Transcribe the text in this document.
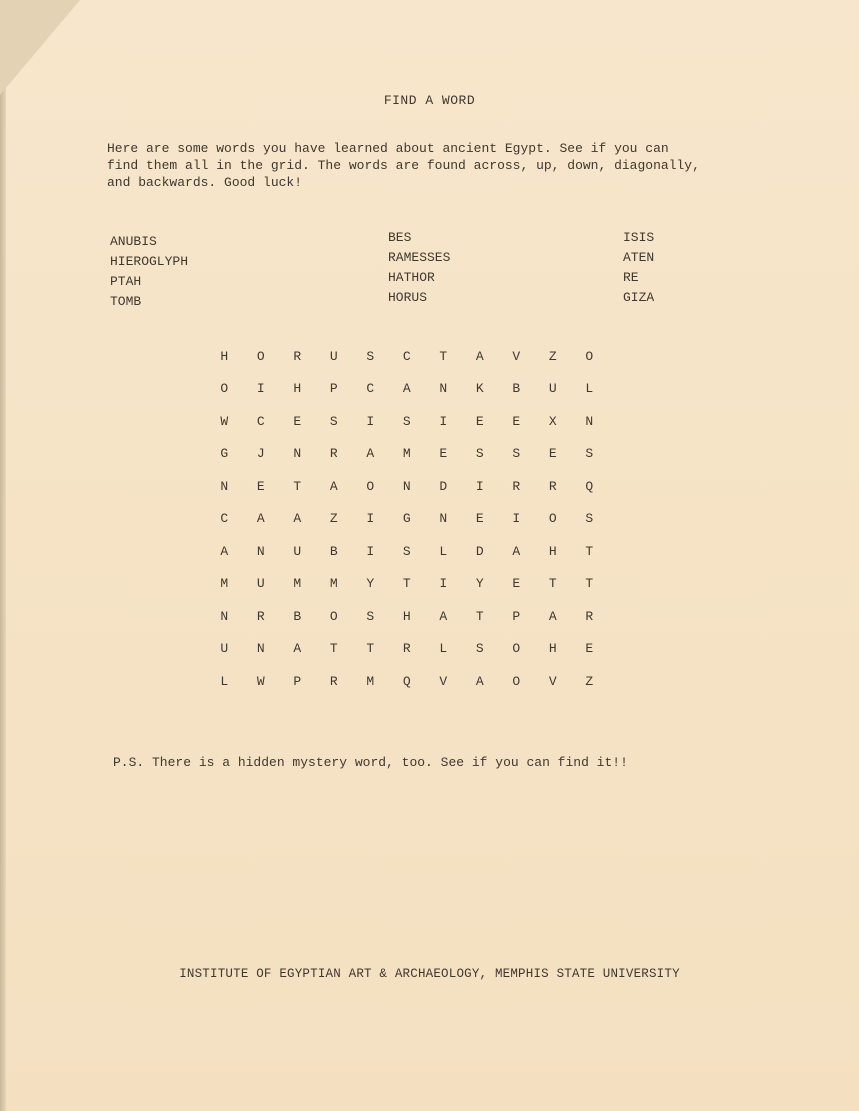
FIND A WORD
Here are some words you have learned about ancient Egypt. See if you can
find them all in the grid. The words are found across, up, down, diagonally,
and backwards. Good luck!
ANUBIS
HIEROGLYPH
PTAH
TOMB
BES
RAMESSES
HATHOR
HORUS
ISIS
ATEN
RE
GIZA
H	O	R	U	S	C	T	A	V	Z	O
O	I	H	P	C	A	N	K	B	U	L
W	C	E	S	I	S	I	E	E	X	N
G	J	N	R	A	M	E	S	S	E	S
N	E	T	A	O	N	D	I	R	R	Q
C	A	A	Z	I	G	N	E	I	O	S
A	N	U	B	I	S	L	D	A	H	T
M	U	M	M	Y	T	I	Y	E	T	T
N	R	B	O	S	H	A	T	P	A	R
U	N	A	T	T	R	L	S	O	H	E
L	W	P	R	M	Q	V	A	O	V	Z
P.S. There is a hidden mystery word, too. See if you can find it!!
INSTITUTE OF EGYPTIAN ART & ARCHAEOLOGY, MEMPHIS STATE UNIVERSITY
